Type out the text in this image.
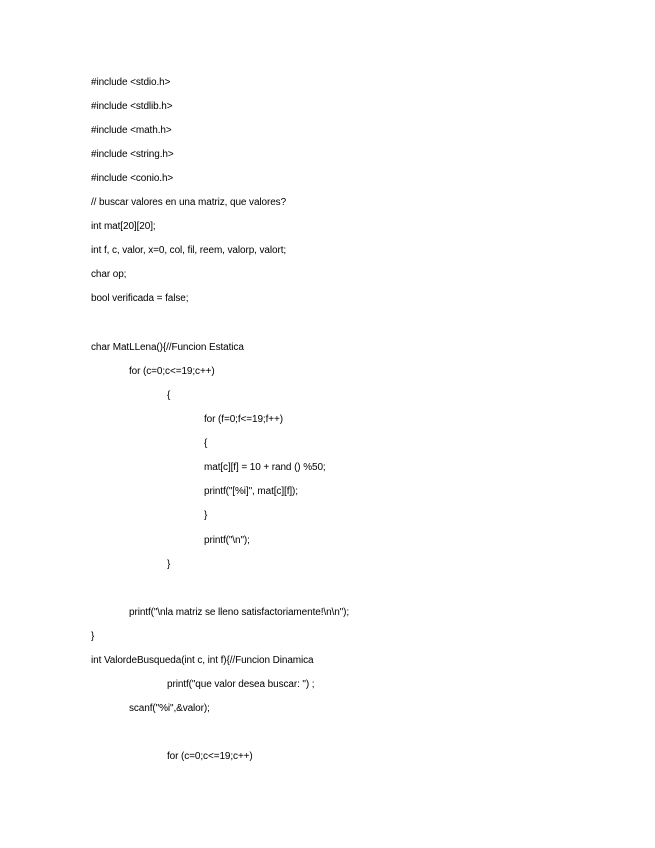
#include <stdio.h>
#include <stdlib.h>
#include <math.h>
#include <string.h>
#include <conio.h>
// buscar valores en una matriz, que valores?
int mat[20][20];
int f, c, valor, x=0, col, fil, reem, valorp, valort;
char op;
bool verificada = false;
char MatLLena(){//Funcion Estatica
for (c=0;c<=19;c++)
{
for (f=0;f<=19;f++)
{
mat[c][f] = 10 + rand () %50;
printf("[%i]", mat[c][f]);
}
printf("\n");
}
printf("\nla matriz se lleno satisfactoriamente!\n\n");
}
int ValordeBusqueda(int c, int f){//Funcion Dinamica
printf("que valor desea buscar: ") ;
scanf("%i",&valor);
for (c=0;c<=19;c++)
